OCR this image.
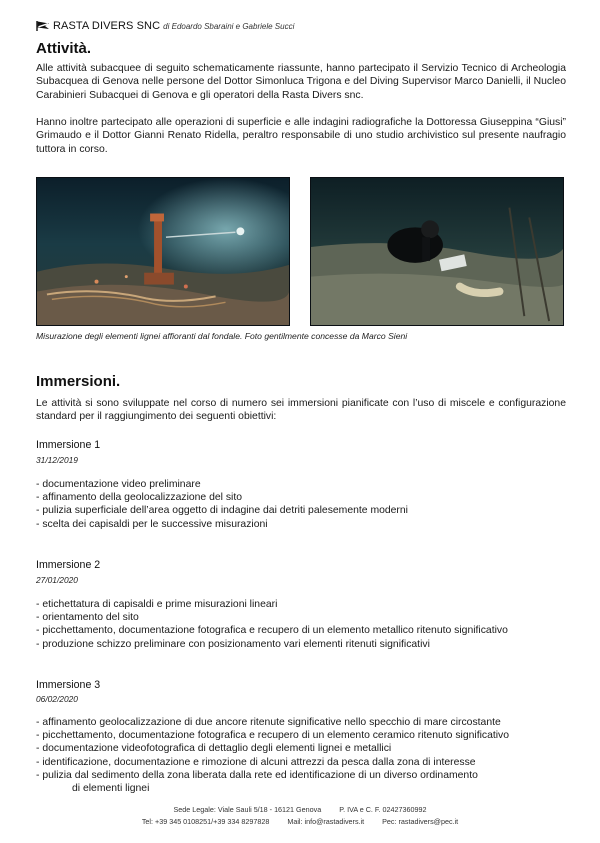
RASTA DIVERS SNC di Edoardo Sbaraini e Gabriele Succi
Attività.

Alle attività subacquee di seguito schematicamente riassunte, hanno partecipato il Servizio Tecnico di Archeologia Subacquea di Genova nelle persone del Dottor Simonluca Trigona e del Diving Supervisor Marco Danielli, il Nucleo Carabinieri Subacquei di Genova e gli operatori della Rasta Divers snc.

Hanno inoltre partecipato alle operazioni di superficie e alle indagini radiografiche la Dottoressa Giuseppina “Giusi” Grimaudo e il Dottor Gianni Renato Ridella, peraltro responsabile di uno studio archivistico sul presente naufragio tuttora in corso.

Misurazione degli elementi lignei affioranti dal fondale. Foto gentilmente concesse da Marco Sieni

Immersioni.

Le attività si sono sviluppate nel corso di numero sei immersioni pianificate con l’uso di miscele e configurazione standard per il raggiungimento dei seguenti obiettivi:

Immersione 1

31/12/2019

- documentazione video preliminare
- affinamento della geolocalizzazione del sito
- pulizia superficiale dell’area oggetto di indagine dai detriti palesemente moderni
- scelta dei capisaldi per le successive misurazioni

Immersione 2

27/01/2020

- etichettatura di capisaldi e prime misurazioni lineari
- orientamento del sito
- picchettamento, documentazione fotografica e recupero di un elemento metallico ritenuto significativo
- produzione schizzo preliminare con posizionamento vari elementi ritenuti significativi

Immersione 3

06/02/2020

- affinamento geolocalizzazione di due ancore ritenute significative nello specchio di mare circostante
- picchettamento, documentazione fotografica e recupero di un elemento ceramico ritenuto significativo
- documentazione videofotografica di dettaglio degli elementi lignei e metallici
- identificazione, documentazione e rimozione di alcuni attrezzi da pesca dalla zona di interesse
- pulizia dal sedimento della zona liberata dalla rete ed identificazione di un diverso ordinamento
di elementi lignei

Sede Legale: Viale Sauli 5/18 - 16121 Genova	P. IVA e C. F. 02427360992

Tel: +39 345 0108251/+39 334 8297828	Mail: info@rastadivers.it	Pec: rastadivers@pec.it
